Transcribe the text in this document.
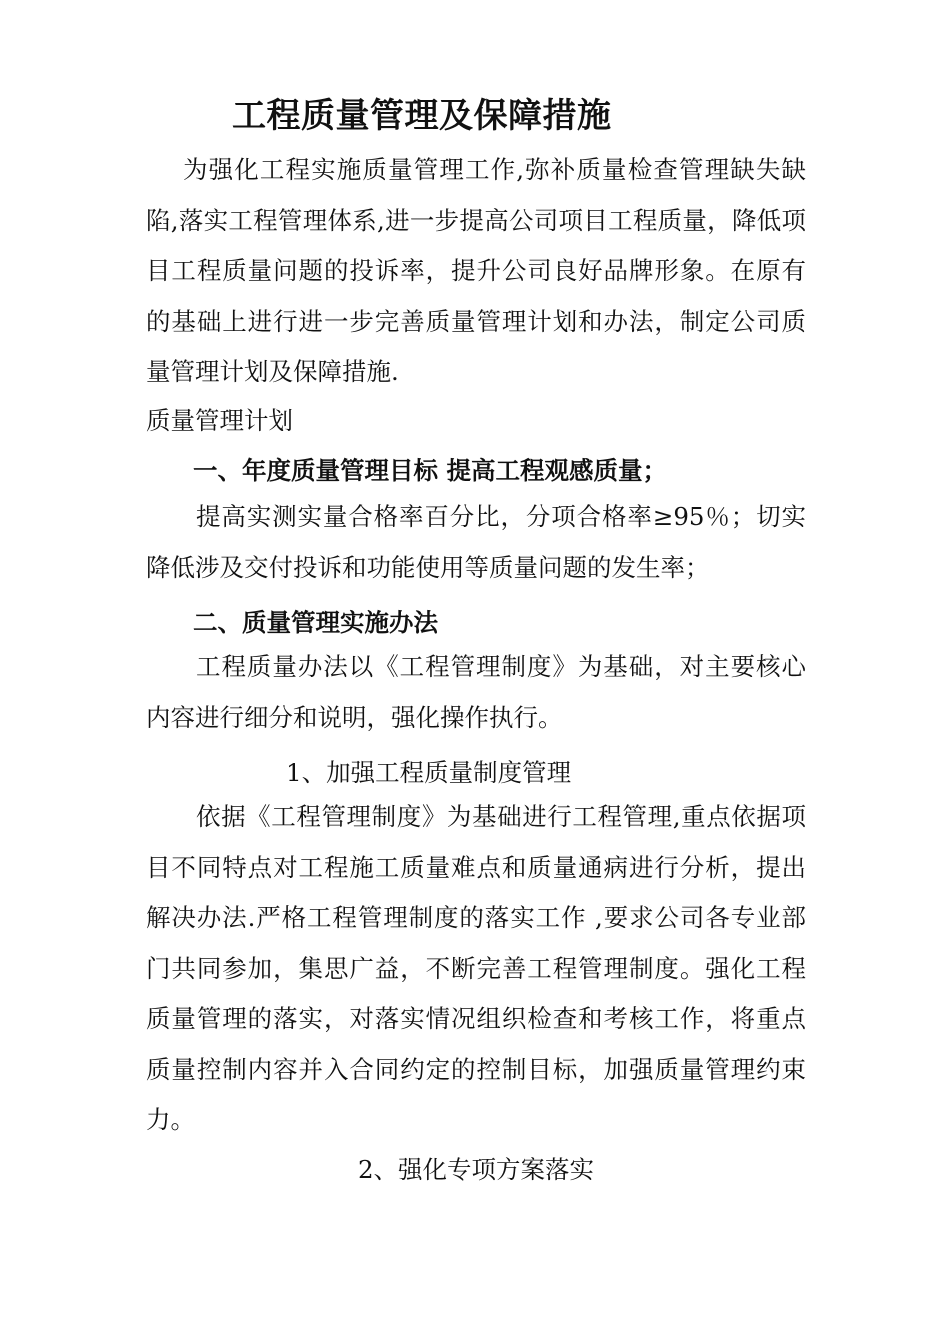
工程质量管理及保障措施
为强化工程实施质量管理工作,弥补质量检查管理缺失缺陷,落实工程管理体系,进一步提高公司项目工程质量，降低项目工程质量问题的投诉率，提升公司良好品牌形象。在原有的基础上进行进一步完善质量管理计划和办法，制定公司质量管理计划及保障措施.
质量管理计划
一、年度质量管理目标 提高工程观感质量；
提高实测实量合格率百分比，分项合格率≥95％；切实降低涉及交付投诉和功能使用等质量问题的发生率；
二、质量管理实施办法
工程质量办法以《工程管理制度》为基础，对主要核心内容进行细分和说明，强化操作执行。
1、加强工程质量制度管理
依据《工程管理制度》为基础进行工程管理,重点依据项目不同特点对工程施工质量难点和质量通病进行分析，提出解决办法.严格工程管理制度的落实工作 ,要求公司各专业部门共同参加，集思广益，不断完善工程管理制度。强化工程质量管理的落实，对落实情况组织检查和考核工作，将重点质量控制内容并入合同约定的控制目标，加强质量管理约束力。
2、强化专项方案落实
